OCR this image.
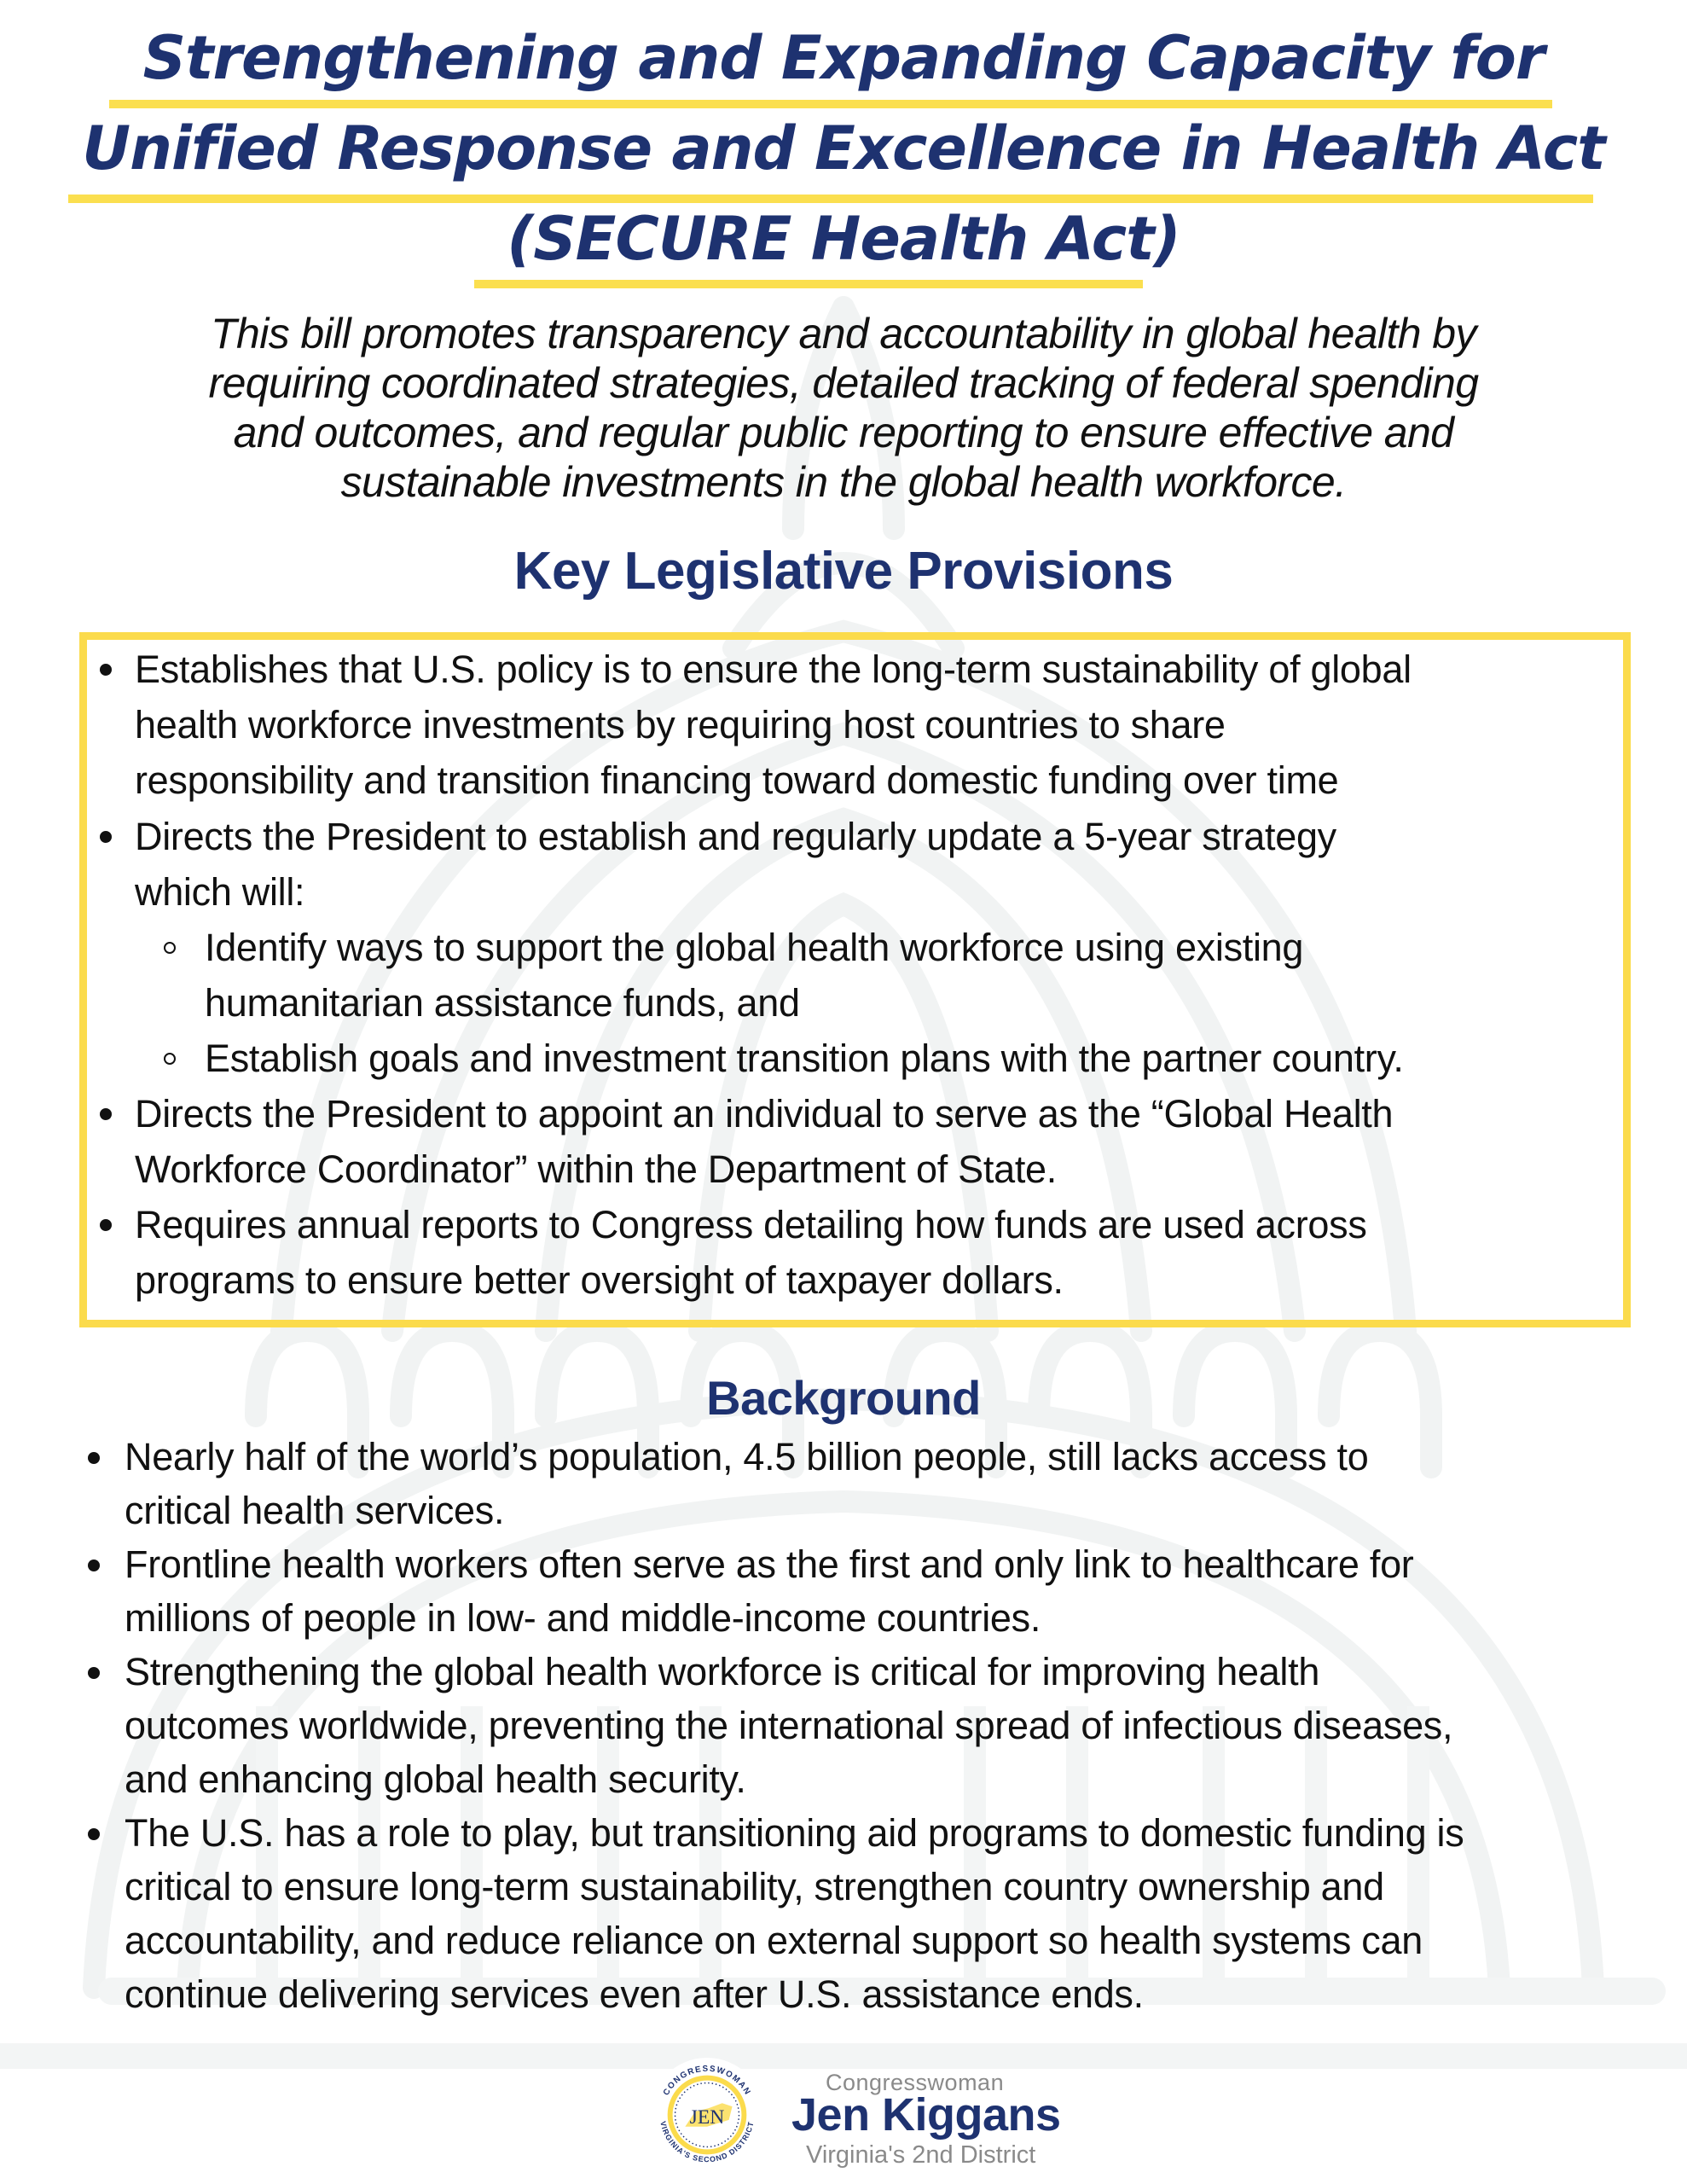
Strengthening and Expanding Capacity for
Unified Response and Excellence in Health Act
(SECURE Health Act)
This bill promotes transparency and accountability in global health by
requiring coordinated strategies, detailed tracking of federal spending
and outcomes, and regular public reporting to ensure effective and
sustainable investments in the global health workforce.
Key Legislative Provisions
Establishes that U.S. policy is to ensure the long-term sustainability of global
health workforce investments by requiring host countries to share
responsibility and transition financing toward domestic funding over time
Directs the President to establish and regularly update a 5-year strategy
which will:
Identify ways to support the global health workforce using existing
humanitarian assistance funds, and
Establish goals and investment transition plans with the partner country.
Directs the President to appoint an individual to serve as the “Global Health
Workforce Coordinator” within the Department of State.
Requires annual reports to Congress detailing how funds are used across
programs to ensure better oversight of taxpayer dollars.
Background
Nearly half of the world’s population, 4.5 billion people, still lacks access to
critical health services.
Frontline health workers often serve as the first and only link to healthcare for
millions of people in low- and middle-income countries.
Strengthening the global health workforce is critical for improving health
outcomes worldwide, preventing the international spread of infectious diseases,
and enhancing global health security.
The U.S. has a role to play, but transitioning aid programs to domestic funding is
critical to ensure long-term sustainability, strengthen country ownership and
accountability, and reduce reliance on external support so health systems can
continue delivering services even after U.S. assistance ends.
JEN
CONGRESSWOMAN
VIRGINIA'S SECOND DISTRICT
Congresswoman
Jen Kiggans
Virginia's 2nd District
